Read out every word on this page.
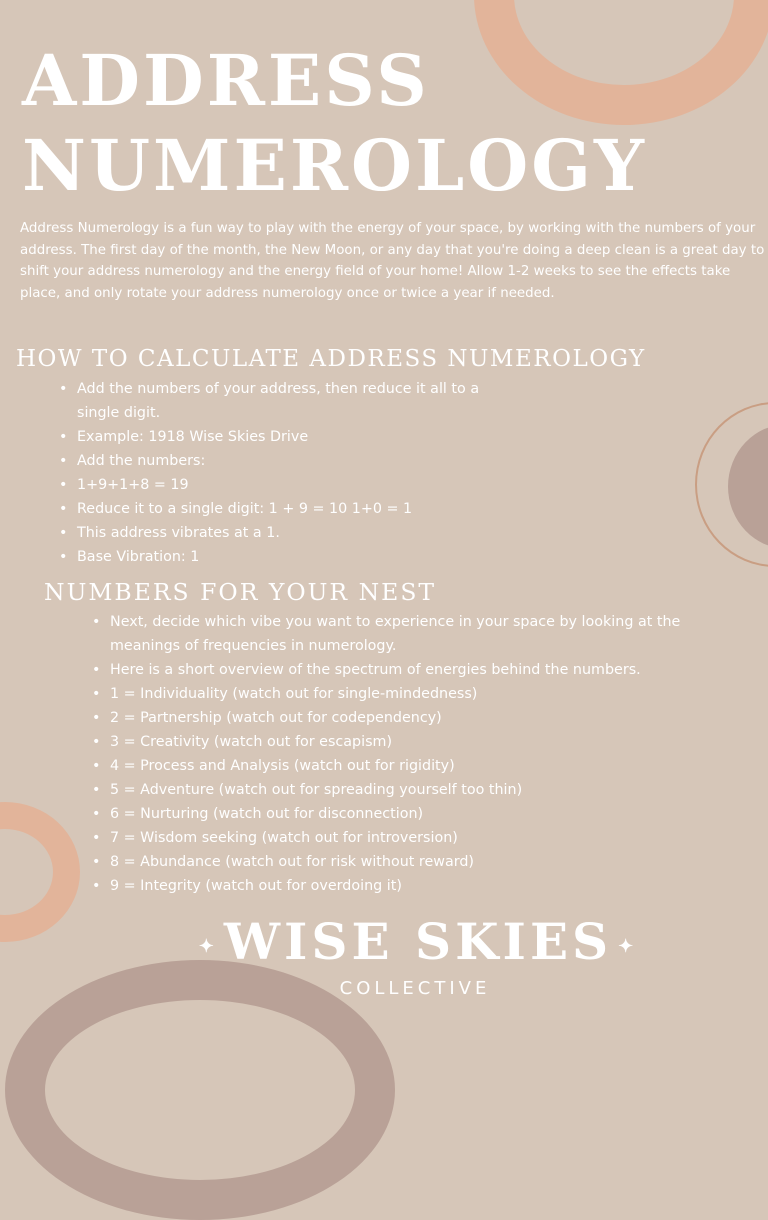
ADDRESS
NUMEROLOGY

Address Numerology is a fun way to play with the energy of your space, by working with the numbers of your address. The first day of the month, the New Moon, or any day that you're doing a deep clean is a great day to shift your address numerology and the energy field of your home! Allow 1-2 weeks to see the effects take place, and only rotate your address numerology once or twice a year if needed.

HOW TO CALCULATE ADDRESS NUMEROLOGY
• Add the numbers of your address, then reduce it all to a single digit.
• Example: 1918 Wise Skies Drive
• Add the numbers:
• 1+9+1+8 = 19
• Reduce it to a single digit: 1 + 9 = 10 1+0 = 1
• This address vibrates at a 1.
• Base Vibration: 1
NUMBERS FOR YOUR NEST
• Next, decide which vibe you want to experience in your space by looking at the meanings of frequencies in numerology.
• Here is a short overview of the spectrum of energies behind the numbers.
• 1 = Individuality (watch out for single-mindedness)
• 2 = Partnership (watch out for codependency)
• 3 = Creativity (watch out for escapism)
• 4 = Process and Analysis (watch out for rigidity)
• 5 = Adventure (watch out for spreading yourself too thin)
• 6 = Nurturing (watch out for disconnection)
• 7 = Wisdom seeking (watch out for introversion)
• 8 = Abundance (watch out for risk without reward)
• 9 = Integrity (watch out for overdoing it)
✦ WISE SKIES ✦
COLLECTIVE
